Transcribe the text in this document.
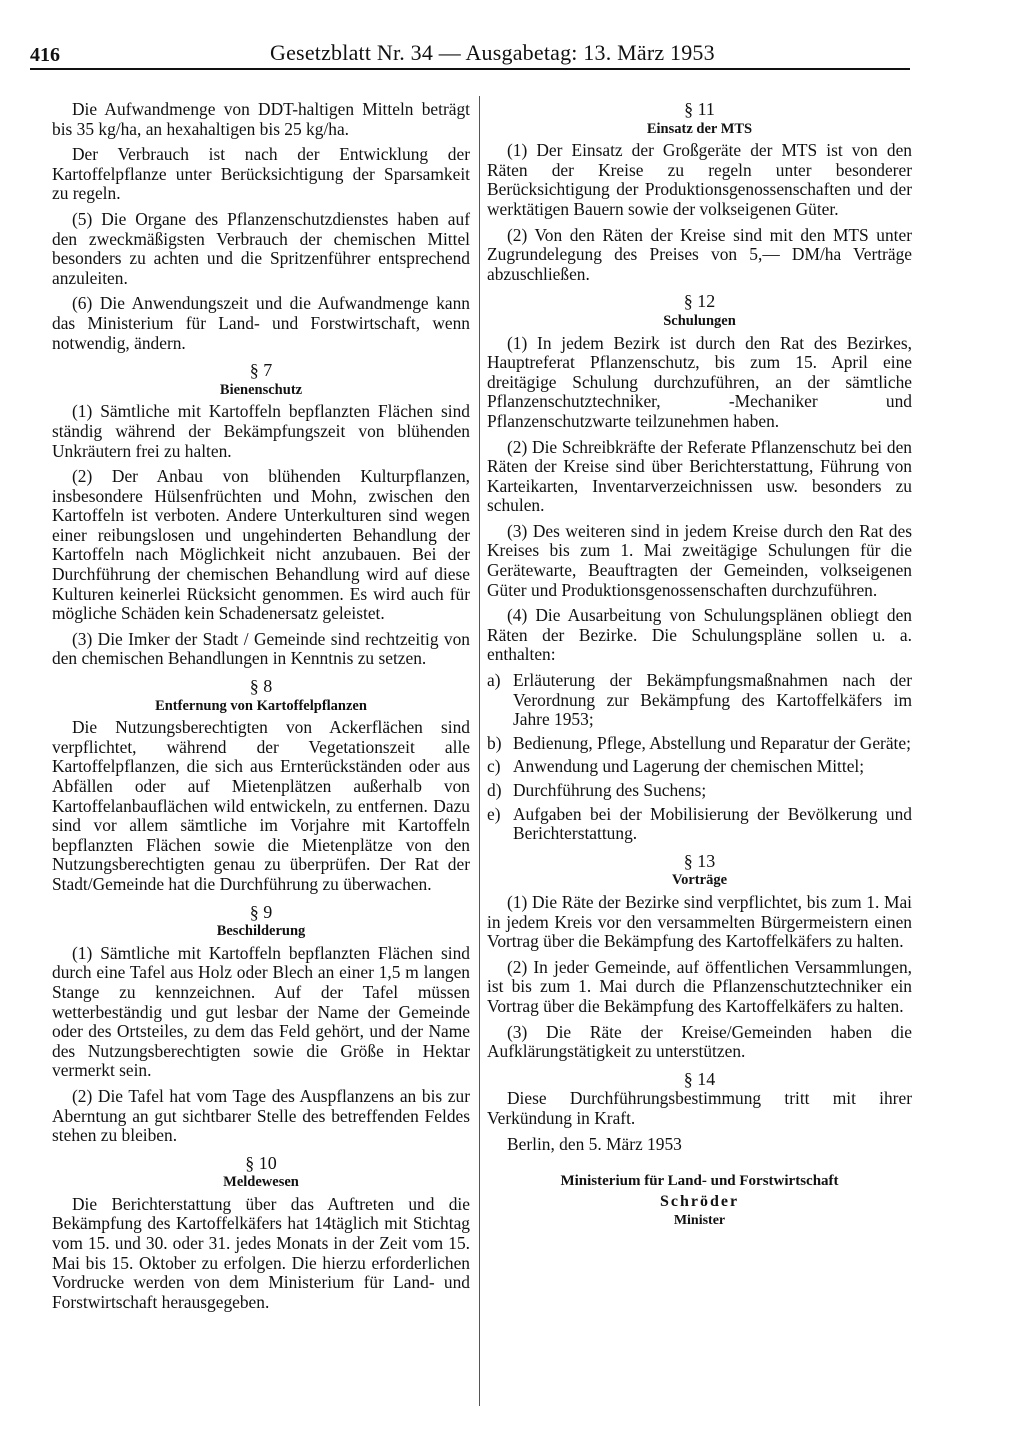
416	Gesetzblatt Nr. 34 — Ausgabetag: 13. März 1953

Die Aufwandmenge von DDT-haltigen Mitteln beträgt bis 35 kg/ha, an hexahaltigen bis 25 kg/ha.

Der Verbrauch ist nach der Entwicklung der Kartoffelpflanze unter Berücksichtigung der Sparsamkeit zu regeln.

(5) Die Organe des Pflanzenschutzdienstes haben auf den zweckmäßigsten Verbrauch der chemischen Mittel besonders zu achten und die Spritzenführer entsprechend anzuleiten.

(6) Die Anwendungszeit und die Aufwandmenge kann das Ministerium für Land- und Forstwirtschaft, wenn notwendig, ändern.

§ 7

Bienenschutz

(1) Sämtliche mit Kartoffeln bepflanzten Flächen sind ständig während der Bekämpfungszeit von blühenden Unkräutern frei zu halten.

(2) Der Anbau von blühenden Kulturpflanzen, insbesondere Hülsenfrüchten und Mohn, zwischen den Kartoffeln ist verboten. Andere Unterkulturen sind wegen einer reibungslosen und ungehinderten Behandlung der Kartoffeln nach Möglichkeit nicht anzubauen. Bei der Durchführung der chemischen Behandlung wird auf diese Kulturen keinerlei Rücksicht genommen. Es wird auch für mögliche Schäden kein Schadenersatz geleistet.

(3) Die Imker der Stadt / Gemeinde sind rechtzeitig von den chemischen Behandlungen in Kenntnis zu setzen.

§ 8

Entfernung von Kartoffelpflanzen

Die Nutzungsberechtigten von Ackerflächen sind verpflichtet, während der Vegetationszeit alle Kartoffelpflanzen, die sich aus Ernterückständen oder aus Abfällen oder auf Mietenplätzen außerhalb von Kartoffelanbauflächen wild entwickeln, zu entfernen. Dazu sind vor allem sämtliche im Vorjahre mit Kartoffeln bepflanzten Flächen sowie die Mietenplätze von den Nutzungsberechtigten genau zu überprüfen. Der Rat der Stadt/Gemeinde hat die Durchführung zu überwachen.

§ 9

Beschilderung

(1) Sämtliche mit Kartoffeln bepflanzten Flächen sind durch eine Tafel aus Holz oder Blech an einer 1,5 m langen Stange zu kennzeichnen. Auf der Tafel müssen wetterbeständig und gut lesbar der Name der Gemeinde oder des Ortsteiles, zu dem das Feld gehört, und der Name des Nutzungsberechtigten sowie die Größe in Hektar vermerkt sein.

(2) Die Tafel hat vom Tage des Auspflanzens an bis zur Aberntung an gut sichtbarer Stelle des betreffenden Feldes stehen zu bleiben.

§ 10

Meldewesen

Die Berichterstattung über das Auftreten und die Bekämpfung des Kartoffelkäfers hat 14täglich mit Stichtag vom 15. und 30. oder 31. jedes Monats in der Zeit vom 15. Mai bis 15. Oktober zu erfolgen. Die hierzu erforderlichen Vordrucke werden von dem Ministerium für Land- und Forstwirtschaft herausgegeben.

§ 11

Einsatz der MTS

(1) Der Einsatz der Großgeräte der MTS ist von den Räten der Kreise zu regeln unter besonderer Berücksichtigung der Produktionsgenossenschaften und der werktätigen Bauern sowie der volkseigenen Güter.

(2) Von den Räten der Kreise sind mit den MTS unter Zugrundelegung des Preises von 5,— DM/ha Verträge abzuschließen.

§ 12

Schulungen

(1) In jedem Bezirk ist durch den Rat des Bezirkes, Hauptreferat Pflanzenschutz, bis zum 15. April eine dreitägige Schulung durchzuführen, an der sämtliche Pflanzenschutztechniker, -Mechaniker und Pflanzenschutzwarte teilzunehmen haben.

(2) Die Schreibkräfte der Referate Pflanzenschutz bei den Räten der Kreise sind über Berichterstattung, Führung von Karteikarten, Inventarverzeichnissen usw. besonders zu schulen.

(3) Des weiteren sind in jedem Kreise durch den Rat des Kreises bis zum 1. Mai zweitägige Schulungen für die Gerätewarte, Beauftragten der Gemeinden, volkseigenen Güter und Produktionsgenossenschaften durchzuführen.

(4) Die Ausarbeitung von Schulungsplänen obliegt den Räten der Bezirke. Die Schulungspläne sollen u. a. enthalten:

a) Erläuterung der Bekämpfungsmaßnahmen nach der Verordnung zur Bekämpfung des Kartoffelkäfers im Jahre 1953;
b) Bedienung, Pflege, Abstellung und Reparatur der Geräte;
c) Anwendung und Lagerung der chemischen Mittel;
d) Durchführung des Suchens;
e) Aufgaben bei der Mobilisierung der Bevölkerung und Berichterstattung.

§ 13

Vorträge

(1) Die Räte der Bezirke sind verpflichtet, bis zum 1. Mai in jedem Kreis vor den versammelten Bürgermeistern einen Vortrag über die Bekämpfung des Kartoffelkäfers zu halten.

(2) In jeder Gemeinde, auf öffentlichen Versammlungen, ist bis zum 1. Mai durch die Pflanzenschutztechniker ein Vortrag über die Bekämpfung des Kartoffelkäfers zu halten.

(3) Die Räte der Kreise/Gemeinden haben die Aufklärungstätigkeit zu unterstützen.

§ 14

Diese Durchführungsbestimmung tritt mit ihrer Verkündung in Kraft.

Berlin, den 5. März 1953

Ministerium für Land- und Forstwirtschaft

Schröder

Minister
